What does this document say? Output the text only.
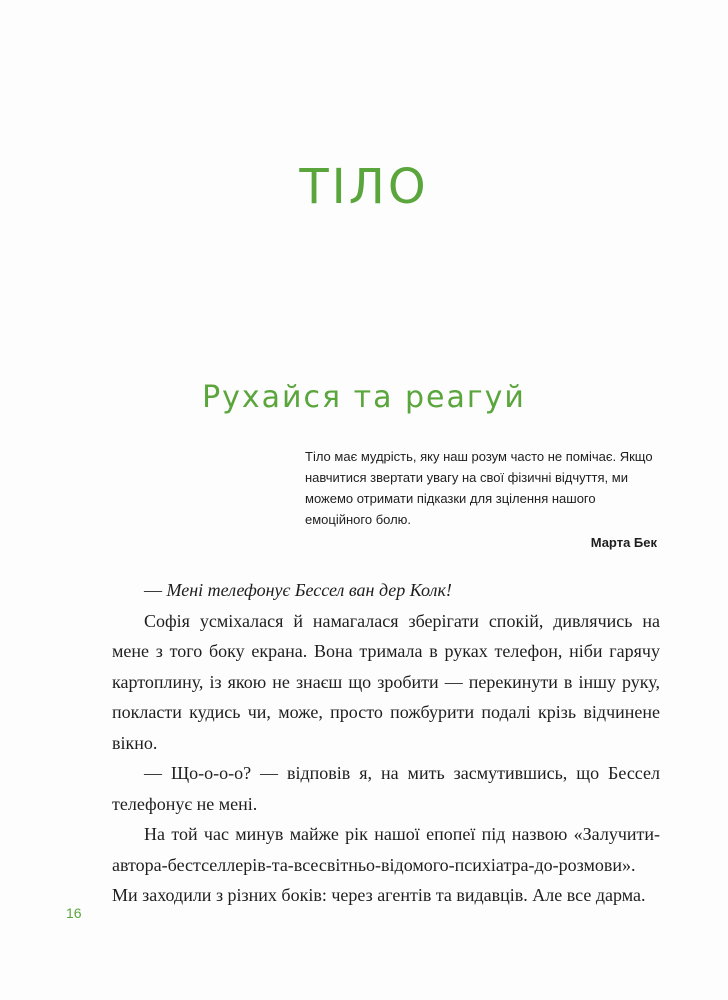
ТІЛО
Рухайся та реагуй

Тіло має мудрість, яку наш розум часто не помічає. Якщо навчитися звертати увагу на свої фізичні відчуття, ми можемо отримати підказки для зцілення нашого емоційного болю.

Марта Бек

— Мені телефонує Бессел ван дер Колк!

Софія усміхалася й намагалася зберігати спокій, дивлячись на мене з того боку екрана. Вона тримала в руках телефон, ніби гарячу картоплину, із якою не знаєш що зробити — перекинути в іншу руку, покласти кудись чи, може, просто пожбурити подалі крізь відчинене вікно.

— Що-о-о-о? — відповів я, на мить засмутившись, що Бессел телефонує не мені.

На той час минув майже рік нашої епопеї під назвою «Залучити-автора-бестселлерів-та-всесвітньо-відомого-психіатра-до-розмови». Ми заходили з різних боків: через агентів та видавців. Але все дарма.

16
